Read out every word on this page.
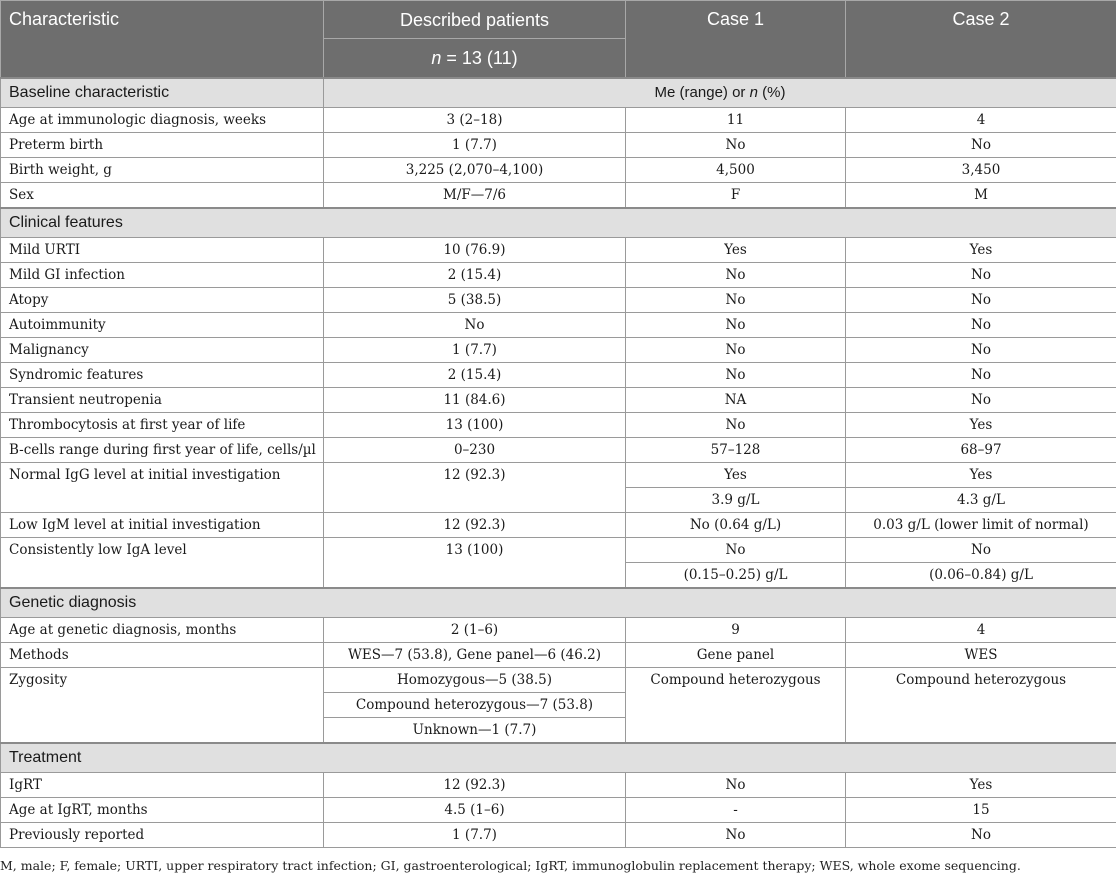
Characteristic	Described patients	Case 1	Case 2
	n = 13 (11)		
Baseline characteristic	Me (range) or n (%)		
Age at immunologic diagnosis, weeks	3 (2–18)	11	4
Preterm birth	1 (7.7)	No	No
Birth weight, g	3,225 (2,070–4,100)	4,500	3,450
Sex	M/F—7/6	F	M
Clinical features			
Mild URTI	10 (76.9)	Yes	Yes
Mild GI infection	2 (15.4)	No	No
Atopy	5 (38.5)	No	No
Autoimmunity	No	No	No
Malignancy	1 (7.7)	No	No
Syndromic features	2 (15.4)	No	No
Transient neutropenia	11 (84.6)	NA	No
Thrombocytosis at first year of life	13 (100)	No	Yes
B-cells range during first year of life, cells/µl	0–230	57–128	68–97
Normal IgG level at initial investigation	12 (92.3)	Yes	Yes
		3.9 g/L	4.3 g/L
Low IgM level at initial investigation	12 (92.3)	No (0.64 g/L)	0.03 g/L (lower limit of normal)
Consistently low IgA level	13 (100)	No	No
		(0.15–0.25) g/L	(0.06–0.84) g/L
Genetic diagnosis			
Age at genetic diagnosis, months	2 (1–6)	9	4
Methods	WES—7 (53.8), Gene panel—6 (46.2)	Gene panel	WES
Zygosity	Homozygous—5 (38.5)	Compound heterozygous	Compound heterozygous
	Compound heterozygous—7 (53.8)		
	Unknown—1 (7.7)		
Treatment			
IgRT	12 (92.3)	No	Yes
Age at IgRT, months	4.5 (1–6)	-	15
Previously reported	1 (7.7)	No	No
M, male; F, female; URTI, upper respiratory tract infection; GI, gastroenterological; IgRT, immunoglobulin replacement therapy; WES, whole exome sequencing.
